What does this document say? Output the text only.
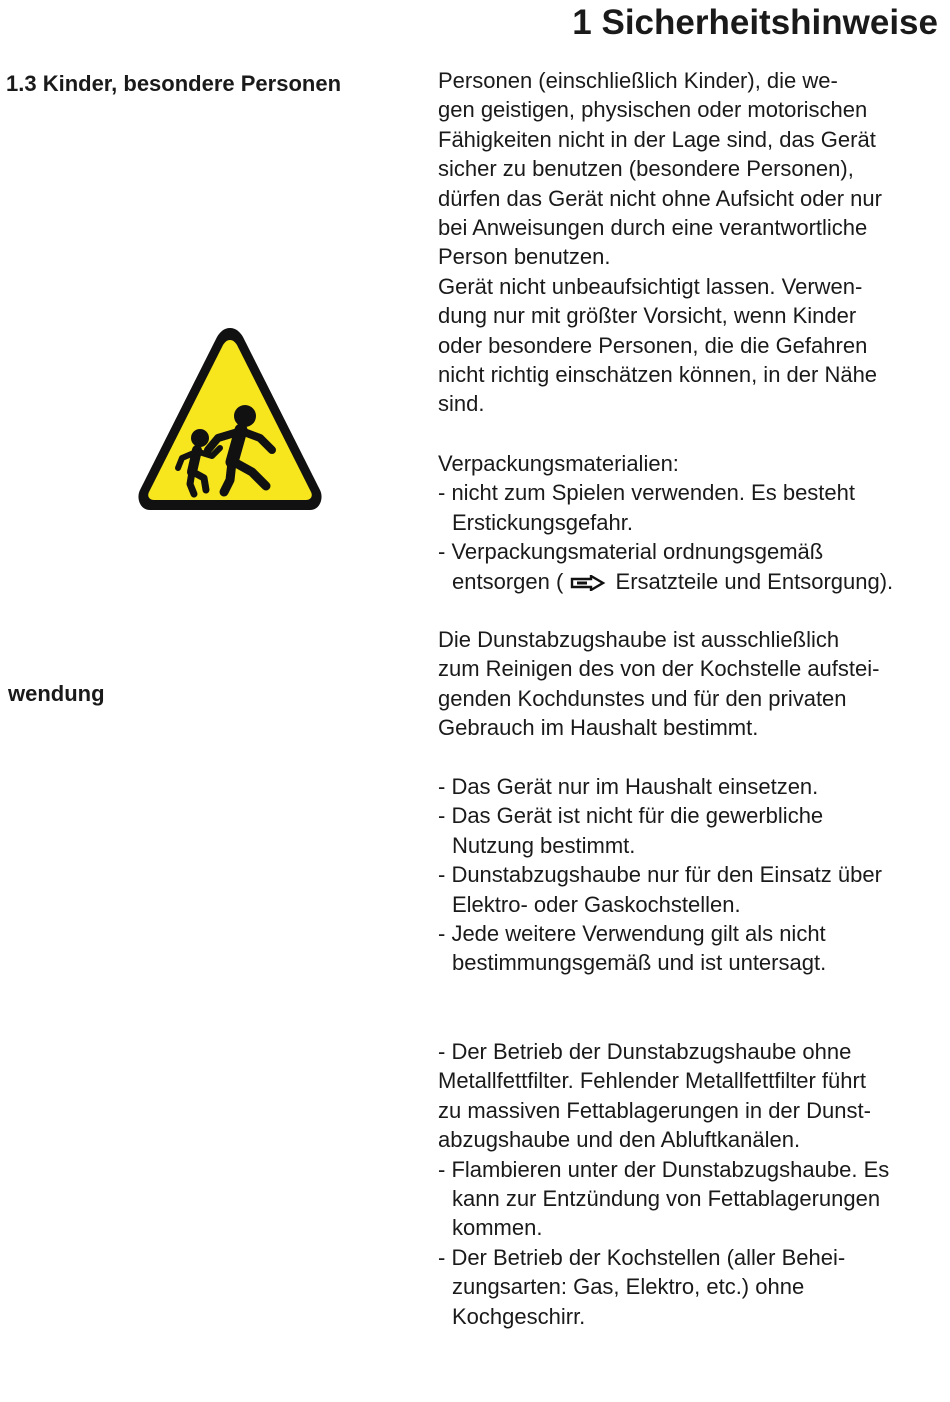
1 Sicherheitshinweise
1.3 Kinder, besondere Personen
wendung
Personen (einschließlich Kinder), die we-
gen geistigen, physischen oder motorischen
Fähigkeiten nicht in der Lage sind, das Gerät
sicher zu benutzen (besondere Personen),
dürfen das Gerät nicht ohne Aufsicht oder nur
bei Anweisungen durch eine verantwortliche
Person benutzen.
Gerät nicht unbeaufsichtigt lassen. Verwen-
dung nur mit größter Vorsicht, wenn Kinder
oder besondere Personen, die die Gefahren
nicht richtig einschätzen können, in der Nähe
sind.
Verpackungsmaterialien:
- nicht zum Spielen verwenden. Es besteht
Erstickungsgefahr.
- Verpackungsmaterial ordnungsgemäß
entsorgen ( Ersatzteile und Entsorgung).
Die Dunstabzugshaube ist ausschließlich
zum Reinigen des von der Kochstelle aufstei-
genden Kochdunstes und für den privaten
Gebrauch im Haushalt bestimmt.
- Das Gerät nur im Haushalt einsetzen.
- Das Gerät ist nicht für die gewerbliche
Nutzung bestimmt.
- Dunstabzugshaube nur für den Einsatz über
Elektro- oder Gaskochstellen.
- Jede weitere Verwendung gilt als nicht
bestimmungsgemäß und ist untersagt.
- Der Betrieb der Dunstabzugshaube ohne
Metallfettfilter. Fehlender Metallfettfilter führt
zu massiven Fettablagerungen in der Dunst-
abzugshaube und den Abluftkanälen.
- Flambieren unter der Dunstabzugshaube. Es
kann zur Entzündung von Fettablagerungen
kommen.
- Der Betrieb der Kochstellen (aller Behei-
zungsarten: Gas, Elektro, etc.) ohne
Kochgeschirr.
